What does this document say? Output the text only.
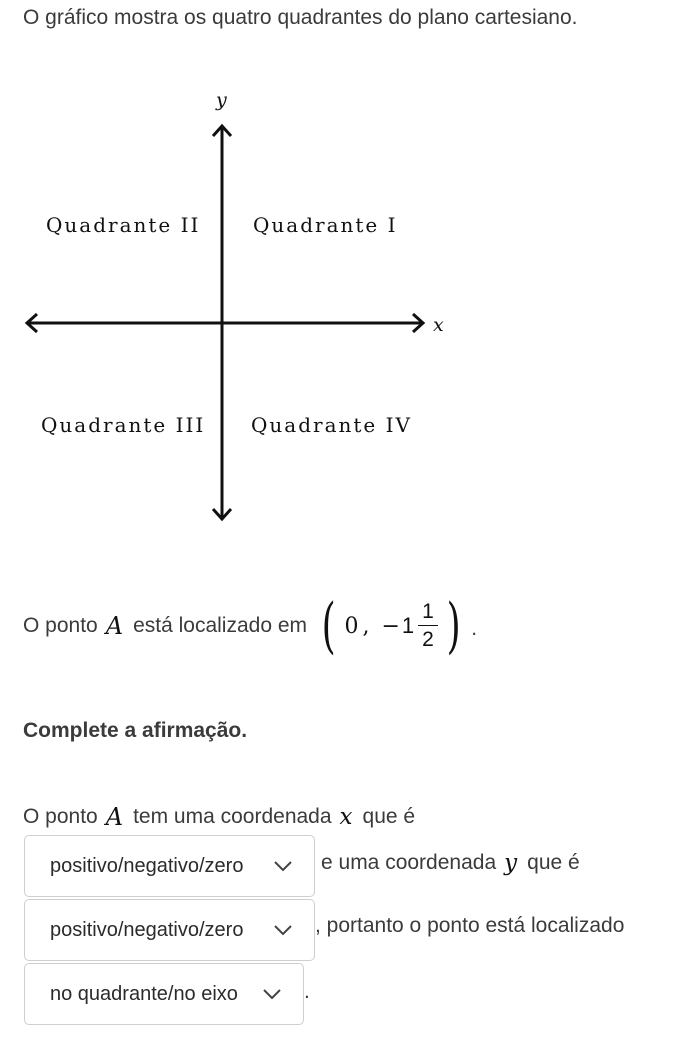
O gráfico mostra os quatro quadrantes do plano cartesiano.
y
x
Quadrante I
Quadrante II
Quadrante III Quadrante IV
O ponto A está localizado em ( 0 , − $1 \frac{1}{2}$ ) .
Complete a afirmação.
O ponto A tem uma coordenada x que é
positivo/negativo/zero	e uma coordenada y que é
positivo/negativo/zero	, portanto o ponto está localizado
no quadrante/no eixo	.
